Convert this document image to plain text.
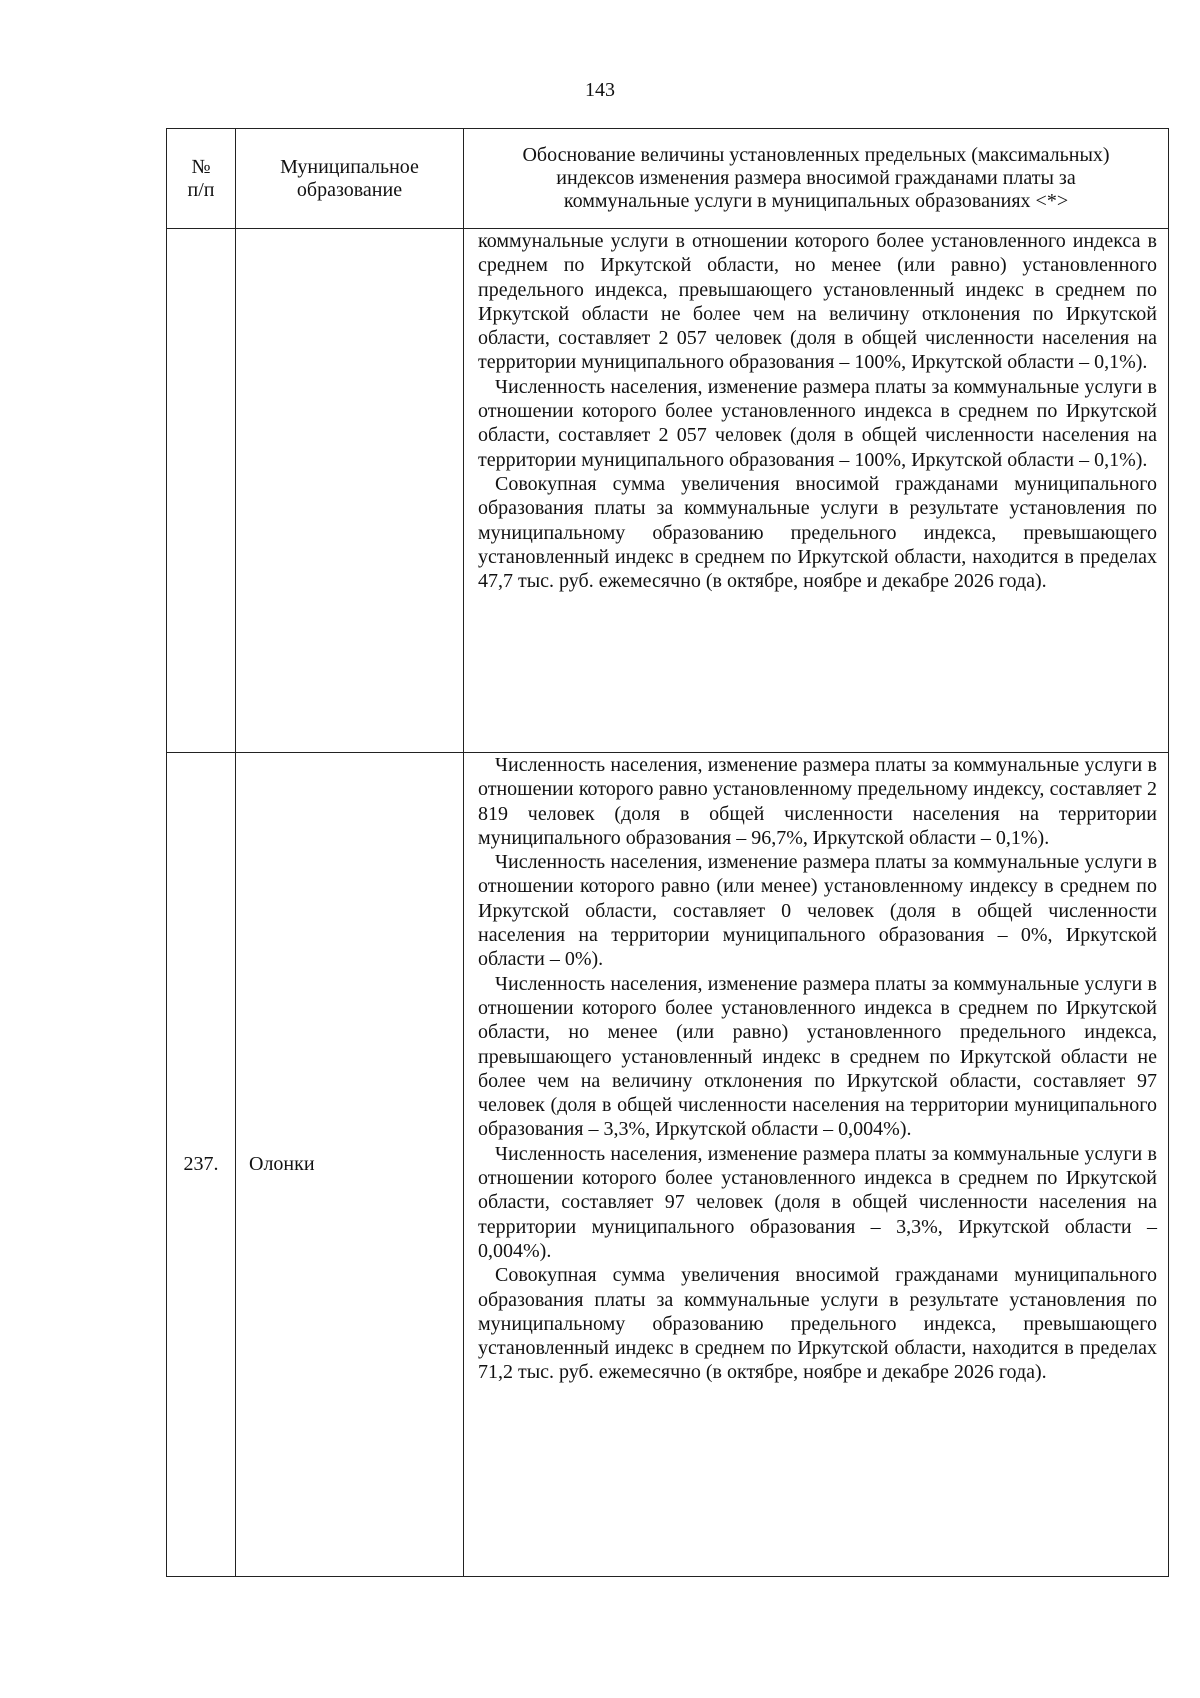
143
№ п/п	Муниципальное образование	Обоснование величины установленных предельных (максимальных) индексов изменения размера вносимой гражданами платы за коммунальные услуги в муниципальных образованиях <*>

		коммунальные услуги в отношении которого более установленного индекса в среднем по Иркутской области, но менее (или равно) установленного предельного индекса, превышающего установленный индекс в среднем по Иркутской области не более чем на величину отклонения по Иркутской области, составляет 2 057 человек (доля в общей численности населения на территории муниципального образования – 100%, Иркутской области – 0,1%).

Численность населения, изменение размера платы за коммунальные услуги в отношении которого более установленного индекса в среднем по Иркутской области, составляет 2 057 человек (доля в общей численности населения на территории муниципального образования – 100%, Иркутской области – 0,1%).

Совокупная сумма увеличения вносимой гражданами муниципального образования платы за коммунальные услуги в результате установления по муниципальному образованию предельного индекса, превышающего установленный индекс в среднем по Иркутской области, находится в пределах 47,7 тыс. руб. ежемесячно (в октябре, ноябре и декабре 2026 года).

237.	Олонки	Численность населения, изменение размера платы за коммунальные услуги в отношении которого равно установленному предельному индексу, составляет 2 819 человек (доля в общей численности населения на территории муниципального образования – 96,7%, Иркутской области – 0,1%).

Численность населения, изменение размера платы за коммунальные услуги в отношении которого равно (или менее) установленному индексу в среднем по Иркутской области, составляет 0 человек (доля в общей численности населения на территории муниципального образования – 0%, Иркутской области – 0%).

Численность населения, изменение размера платы за коммунальные услуги в отношении которого более установленного индекса в среднем по Иркутской области, но менее (или равно) установленного предельного индекса, превышающего установленный индекс в среднем по Иркутской области не более чем на величину отклонения по Иркутской области, составляет 97 человек (доля в общей численности населения на территории муниципального образования – 3,3%, Иркутской области – 0,004%).

Численность населения, изменение размера платы за коммунальные услуги в отношении которого более установленного индекса в среднем по Иркутской области, составляет 97 человек (доля в общей численности населения на территории муниципального образования – 3,3%, Иркутской области – 0,004%).

Совокупная сумма увеличения вносимой гражданами муниципального образования платы за коммунальные услуги в результате установления по муниципальному образованию предельного индекса, превышающего установленный индекс в среднем по Иркутской области, находится в пределах 71,2 тыс. руб. ежемесячно (в октябре, ноябре и декабре 2026 года).
